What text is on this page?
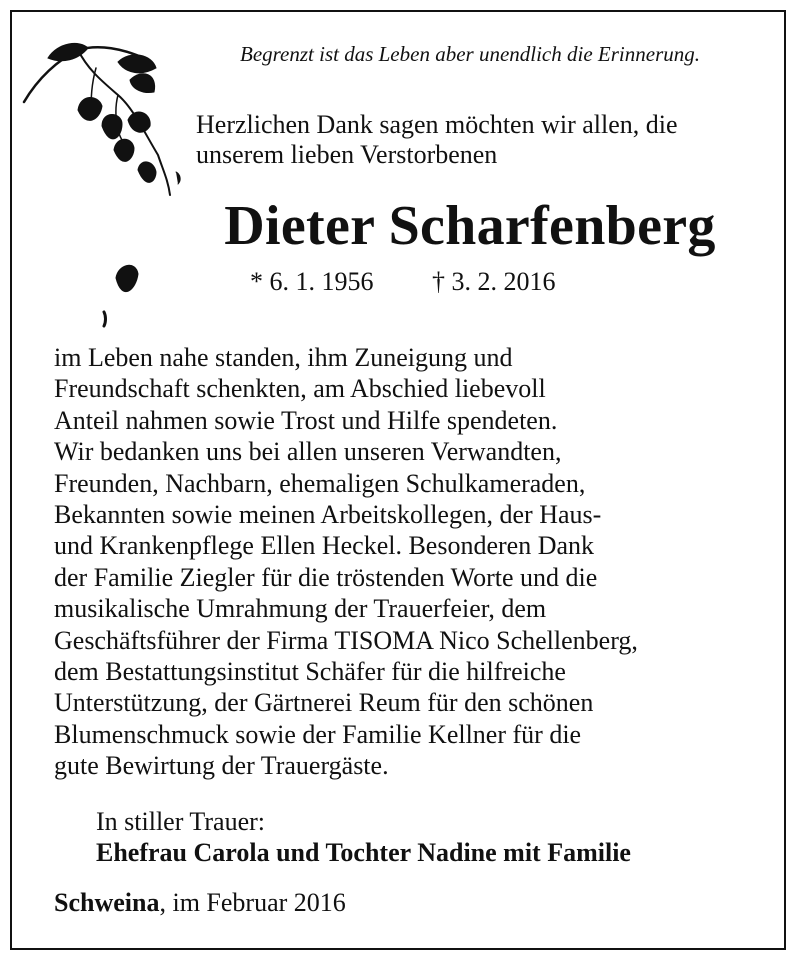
Begrenzt ist das Leben aber unendlich die Erinnerung.
Herzlichen Dank sagen möchten wir allen, die
unserem lieben Verstorbenen
Dieter Scharfenberg
* 6. 1. 1956 † 3. 2. 2016
im Leben nahe standen, ihm Zuneigung und
Freundschaft schenkten, am Abschied liebevoll
Anteil nahmen sowie Trost und Hilfe spendeten.
Wir bedanken uns bei allen unseren Verwandten,
Freunden, Nachbarn, ehemaligen Schulkameraden,
Bekannten sowie meinen Arbeitskollegen, der Haus-
und Krankenpflege Ellen Heckel. Besonderen Dank
der Familie Ziegler für die tröstenden Worte und die
musikalische Umrahmung der Trauerfeier, dem
Geschäftsführer der Firma TISOMA Nico Schellenberg,
dem Bestattungsinstitut Schäfer für die hilfreiche
Unterstützung, der Gärtnerei Reum für den schönen
Blumenschmuck sowie der Familie Kellner für die
gute Bewirtung der Trauergäste.
In stiller Trauer:
Ehefrau Carola und Tochter Nadine mit Familie
Schweina, im Februar 2016
